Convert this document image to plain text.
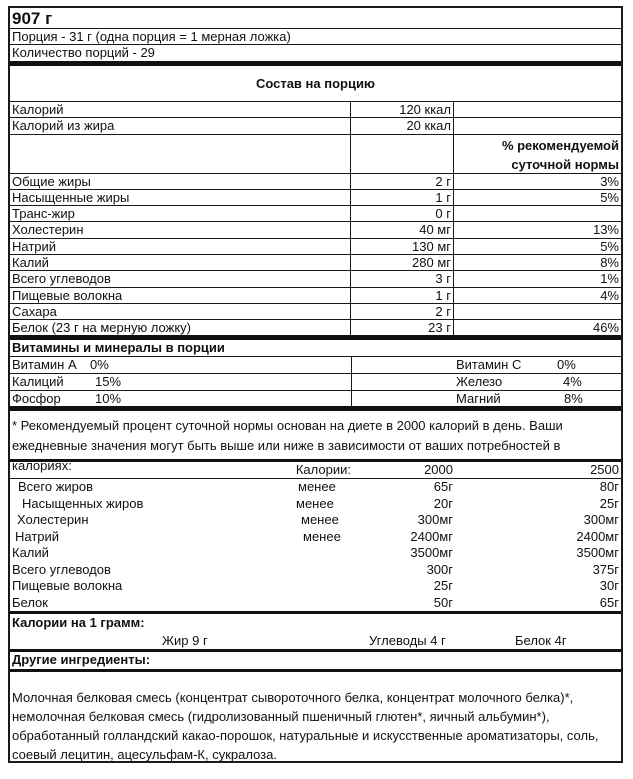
907 г
Порция - 31 г (одна порция = 1 мерная ложка)
Количество порций - 29
Состав на порцию
Калорий	120 ккал
Калорий из жира	20 ккал
% рекомендуемой
суточной нормы
Общие жиры	2 г	3%
Насыщенные жиры	1 г	5%
Транс-жир	0 г
Холестерин	40 мг	13%
Натрий	130 мг	5%
Калий	280 мг	8%
Всего углеводов	3 г	1%
Пищевые волокна	1 г	4%
Сахара	2 г
Белок (23 г на мерную ложку)	23 г	46%
Витамины и минералы в порции
Витамин А 0%	Витамин С	0%
Калиций 15%	Железо	4%
Фосфор	10%	Магний	8%
* Рекомендуемый процент суточной нормы основан на диете в 2000 калорий в день. Ваши ежедневные значения могут быть выше или ниже в зависимости от ваших потребностей в калориях:	Калории:	2000	2500
Всего жиров	менее	65г	80г
Насыщенных жиров	менее	20г	25г
Холестерин	менее	300мг	300мг
Натрий	менее	2400мг	2400мг
Калий	3500мг	3500мг
Всего углеводов	300г	375г
Пищевые волокна	25г	30г
Белок	50г	65г
Калории на 1 грамм:
Жир 9 г	Углеводы 4 г	Белок 4г
Другие ингредиенты:
Молочная белковая смесь (концентрат сывороточного белка, концентрат молочного белка)*,
немолочная белковая смесь (гидролизованный пшеничный глютен*, яичный альбумин*),
обработанный голландский какао-порошок, натуральные и искусственные ароматизаторы, соль,
соевый лецитин, ацесульфам-К, сукралоза.
